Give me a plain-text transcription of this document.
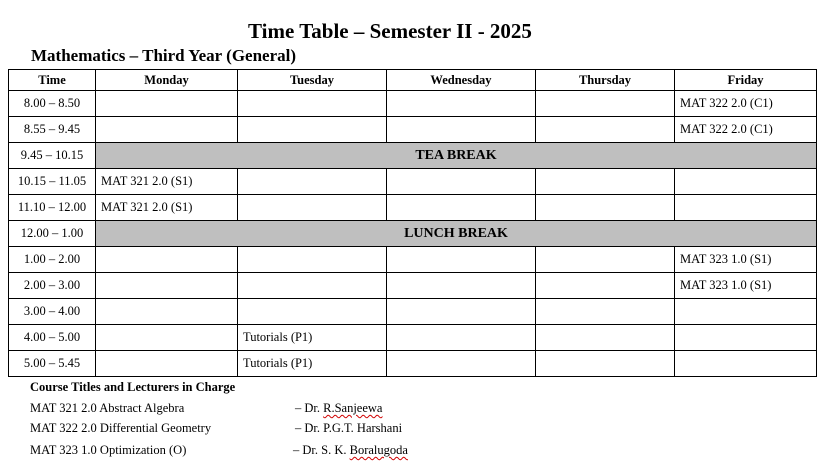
Time Table – Semester II - 2025
Mathematics – Third Year (General)
Time	Monday	Tuesday	Wednesday	Thursday	Friday
8.00 – 8.50					MAT 322 2.0 (C1)
8.55 – 9.45					MAT 322 2.0 (C1)
9.45 – 10.15	TEA BREAK				
10.15 – 11.05	MAT 321 2.0 (S1)				
11.10 – 12.00	MAT 321 2.0 (S1)				
12.00 – 1.00	LUNCH BREAK				
1.00 – 2.00					MAT 323 1.0 (S1)
2.00 – 3.00					MAT 323 1.0 (S1)
3.00 – 4.00					
4.00 – 5.00		Tutorials (P1)			
5.00 – 5.45		Tutorials (P1)			
Course Titles and Lecturers in Charge
MAT 321 2.0 Abstract Algebra	– Dr. R.Sanjeewa
MAT 322 2.0 Differential Geometry	– Dr. P.G.T. Harshani
MAT 323 1.0 Optimization (O)	– Dr. S. K. Boralugoda
